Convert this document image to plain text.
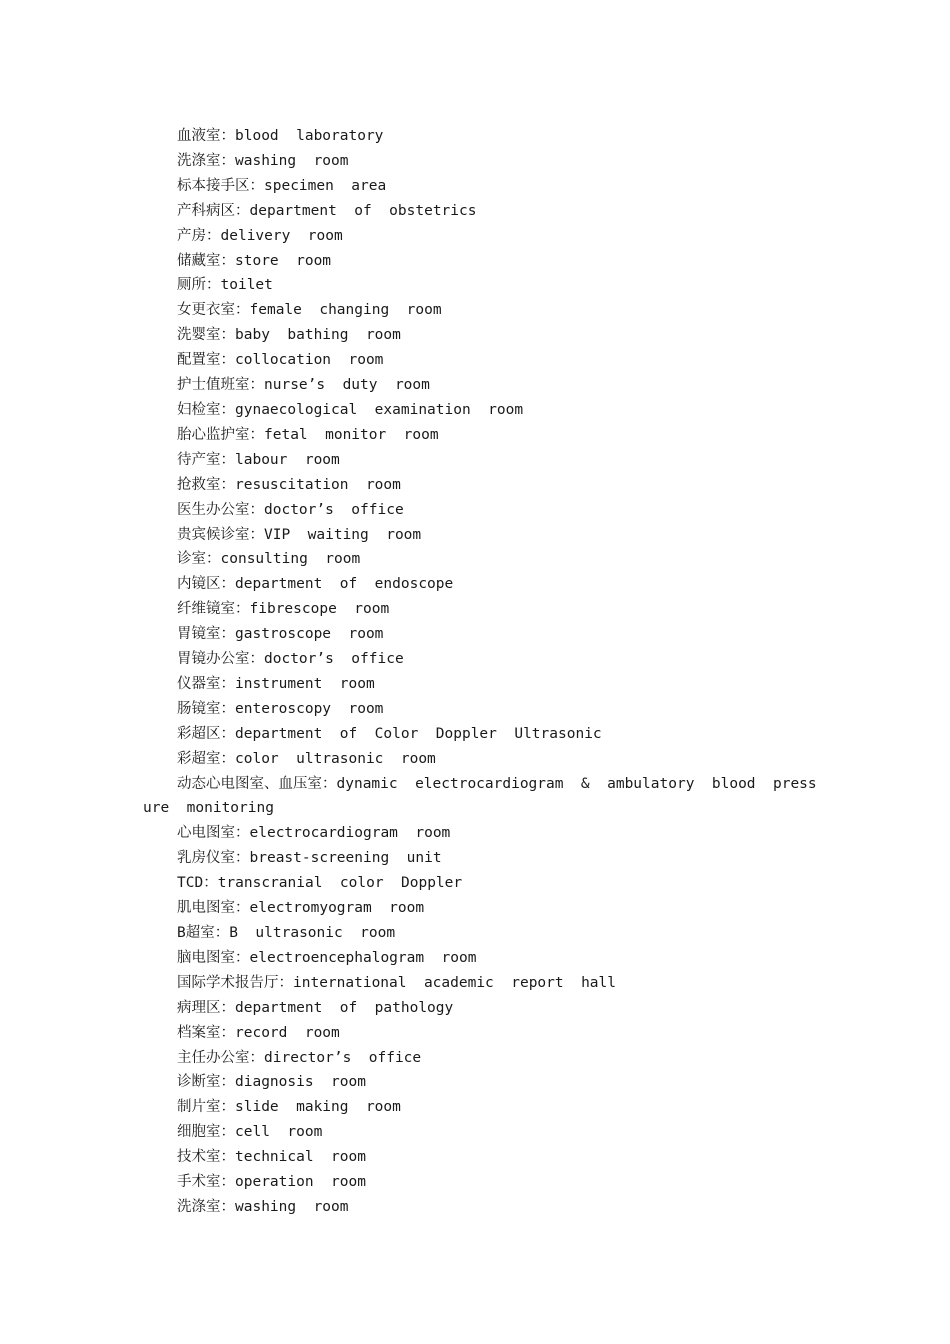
血液室：blood  laboratory

洗涤室：washing  room

标本接手区：specimen  area

产科病区：department  of  obstetrics

产房：delivery  room

储藏室：store  room

厕所：toilet

女更衣室：female  changing  room

洗婴室：baby  bathing  room

配置室：collocation  room

护士值班室：nurse’s  duty  room

妇检室：gynaecological  examination  room

胎心监护室：fetal  monitor  room

待产室：labour  room

抢救室：resuscitation  room

医生办公室：doctor’s  office

贵宾候诊室：VIP  waiting  room

诊室：consulting  room

内镜区：department  of  endoscope

纤维镜室：fibrescope  room

胃镜室：gastroscope  room

胃镜办公室：doctor’s  office

仪器室：instrument  room

肠镜室：enteroscopy  room

彩超区：department  of  Color  Doppler  Ultrasonic

彩超室：color  ultrasonic  room

动态心电图室、血压室：dynamic  electrocardiogram  &  ambulatory  blood  pressure  monitoring

心电图室：electrocardiogram  room

乳房仪室：breast-screening  unit

TCD：transcranial  color  Doppler

肌电图室：electromyogram  room

B超室：B  ultrasonic  room

脑电图室：electroencephalogram  room

国际学术报告厅：international  academic  report  hall

病理区：department  of  pathology

档案室：record  room

主任办公室：director’s  office

诊断室：diagnosis  room

制片室：slide  making  room

细胞室：cell  room

技术室：technical  room

手术室：operation  room

洗涤室：washing  room
